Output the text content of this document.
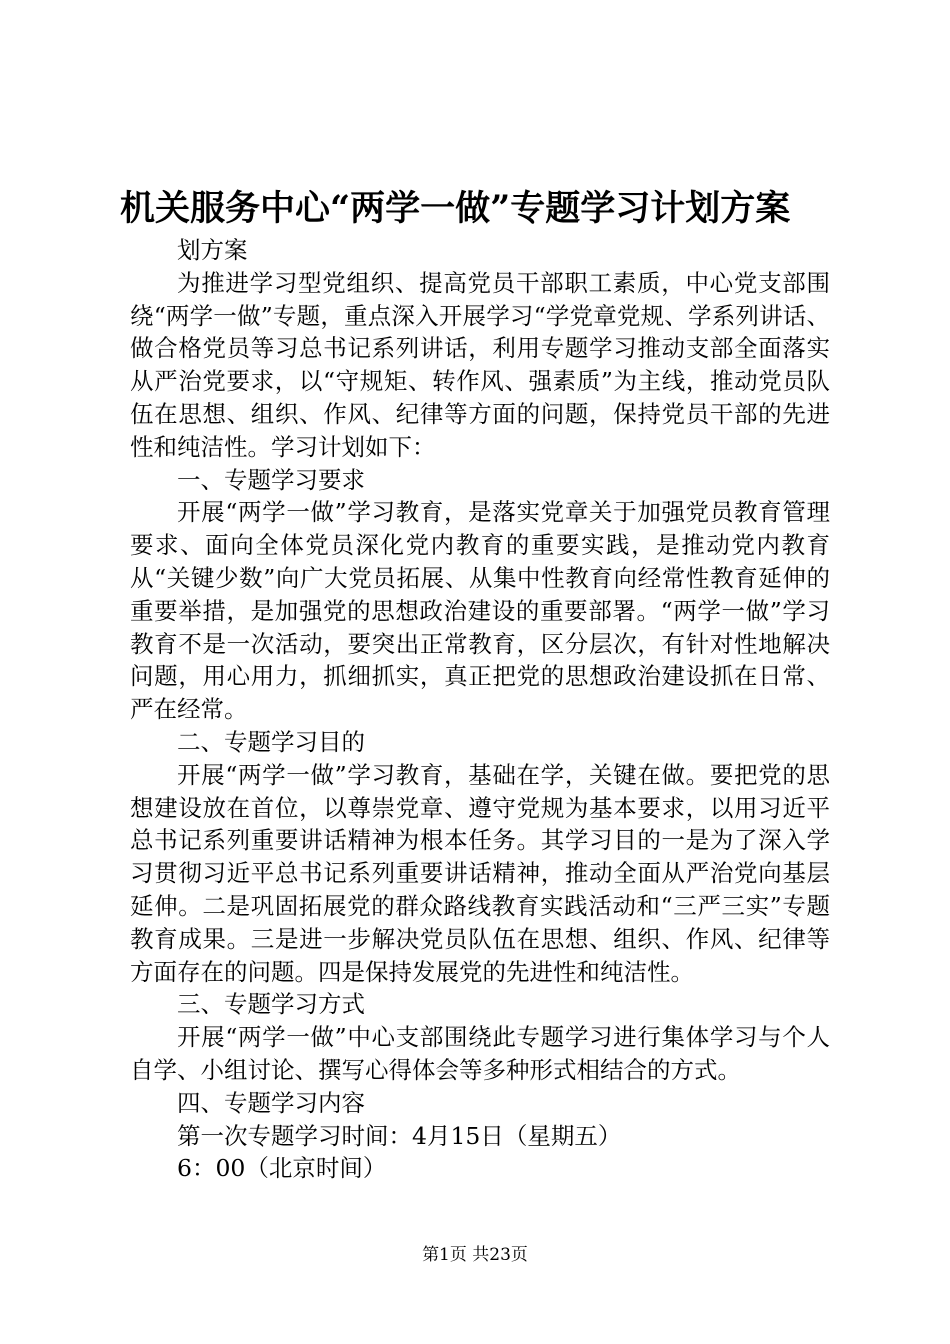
机关服务中心“两学一做”专题学习计划方案

划方案

为推进学习型党组织、提高党员干部职工素质，中心党支部围绕“两学一做”专题，重点深入开展学习“学党章党规、学系列讲话、做合格党员等习总书记系列讲话，利用专题学习推动支部全面落实从严治党要求，以“守规矩、转作风、强素质”为主线，推动党员队伍在思想、组织、作风、纪律等方面的问题，保持党员干部的先进性和纯洁性。学习计划如下：

一、专题学习要求

开展“两学一做”学习教育，是落实党章关于加强党员教育管理要求、面向全体党员深化党内教育的重要实践，是推动党内教育从“关键少数”向广大党员拓展、从集中性教育向经常性教育延伸的重要举措，是加强党的思想政治建设的重要部署。“两学一做”学习教育不是一次活动，要突出正常教育，区分层次，有针对性地解决问题，用心用力，抓细抓实，真正把党的思想政治建设抓在日常、严在经常。

二、专题学习目的

开展“两学一做”学习教育，基础在学，关键在做。要把党的思想建设放在首位，以尊崇党章、遵守党规为基本要求，以用习近平总书记系列重要讲话精神为根本任务。其学习目的一是为了深入学习贯彻习近平总书记系列重要讲话精神，推动全面从严治党向基层延伸。二是巩固拓展党的群众路线教育实践活动和“三严三实”专题教育成果。三是进一步解决党员队伍在思想、组织、作风、纪律等方面存在的问题。四是保持发展党的先进性和纯洁性。

三、专题学习方式

开展“两学一做”中心支部围绕此专题学习进行集体学习与个人自学、小组讨论、撰写心得体会等多种形式相结合的方式。

四、专题学习内容

第一次专题学习时间：4月15日（星期五）

6：00（北京时间）

第1页 共23页
